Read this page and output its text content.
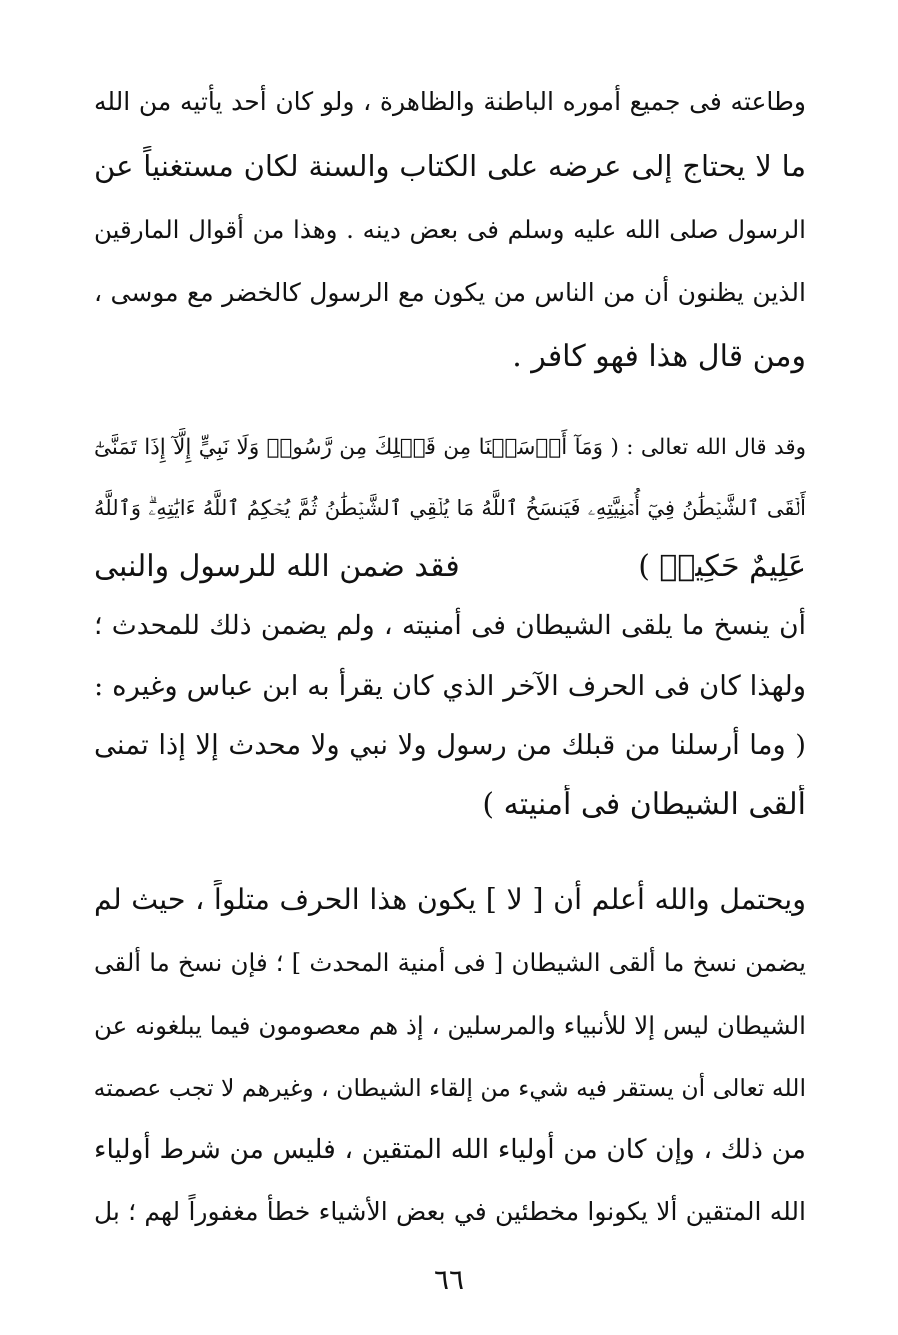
وطاعته فى جميع أموره الباطنة والظاهرة ، ولو كان أحد يأتيه من الله
ما لا يحتاج إلى عرضه على الكتاب والسنة لكان مستغنياً عن
الرسول صلى الله عليه وسلم فى بعض دينه . وهذا من أقوال المارقين
الذين يظنون أن من الناس من يكون مع الرسول كالخضر مع موسى ،
ومن قال هذا فهو كافر .
وقد قال الله تعالى : ( وَمَآ أَرۡسَلۡنَا مِن قَبۡلِكَ مِن رَّسُولٖ وَلَا نَبِيٍّ إِلَّآ إِذَا تَمَنَّىٰٓ
أَلۡقَى ٱلشَّيۡطَٰنُ فِيٓ أُمۡنِيَّتِهِۦ فَيَنسَخُ ٱللَّهُ مَا يُلۡقِي ٱلشَّيۡطَٰنُ ثُمَّ يُحۡكِمُ ٱللَّهُ ءَايَٰتِهِۦۗ وَٱللَّهُ
عَلِيمٌ حَكِيمٞ )
فقد ضمن الله للرسول والنبى
أن ينسخ ما يلقى الشيطان فى أمنيته ، ولم يضمن ذلك للمحدث ؛
ولهذا كان فى الحرف الآخر الذي كان يقرأ به ابن عباس وغيره :
( وما أرسلنا من قبلك من رسول ولا نبي ولا محدث إلا إذا تمنى
ألقى الشيطان فى أمنيته )
ويحتمل والله أعلم أن [ لا ] يكون هذا الحرف متلواً ، حيث لم
يضمن نسخ ما ألقى الشيطان [ فى أمنية المحدث ] ؛ فإن نسخ ما ألقى
الشيطان ليس إلا للأنبياء والمرسلين ، إذ هم معصومون فيما يبلغونه عن
الله تعالى أن يستقر فيه شيء من إلقاء الشيطان ، وغيرهم لا تجب عصمته
من ذلك ، وإن كان من أولياء الله المتقين ، فليس من شرط أولياء
الله المتقين ألا يكونوا مخطئين في بعض الأشياء خطأ مغفوراً لهم ؛ بل
٦٦
